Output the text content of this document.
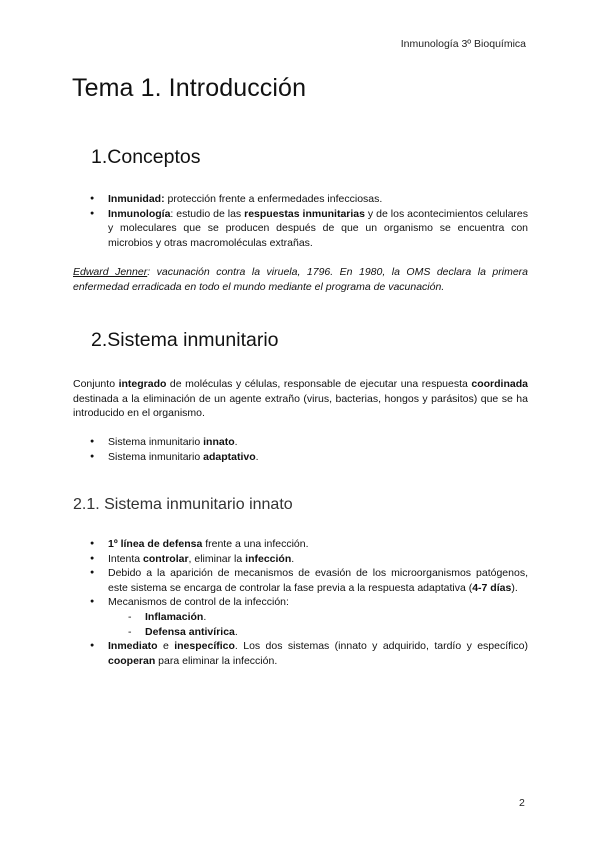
Inmunología 3º Bioquímica
Tema 1. Introducción
1.Conceptos
● Inmunidad: protección frente a enfermedades infecciosas.
● Inmunología: estudio de las respuestas inmunitarias y de los acontecimientos celulares y moleculares que se producen después de que un organismo se encuentra con microbios y otras macromoléculas extrañas.

Edward Jenner: vacunación contra la viruela, 1796. En 1980, la OMS declara la primera enfermedad erradicada en todo el mundo mediante el programa de vacunación.

2.Sistema inmunitario

Conjunto integrado de moléculas y células, responsable de ejecutar una respuesta coordinada destinada a la eliminación de un agente extraño (virus, bacterias, hongos y parásitos) que se ha introducido en el organismo.

● Sistema inmunitario innato.
● Sistema inmunitario adaptativo.
2.1. Sistema inmunitario innato
● 1º línea de defensa frente a una infección.
● Intenta controlar, eliminar la infección.
● Debido a la aparición de mecanismos de evasión de los microorganismos patógenos, este sistema se encarga de controlar la fase previa a la respuesta adaptativa (4-7 días).
● Mecanismos de control de la infección:
- Inflamación.
- Defensa antivírica.
● Inmediato e inespecífico. Los dos sistemas (innato y adquirido, tardío y específico) cooperan para eliminar la infección.
2
